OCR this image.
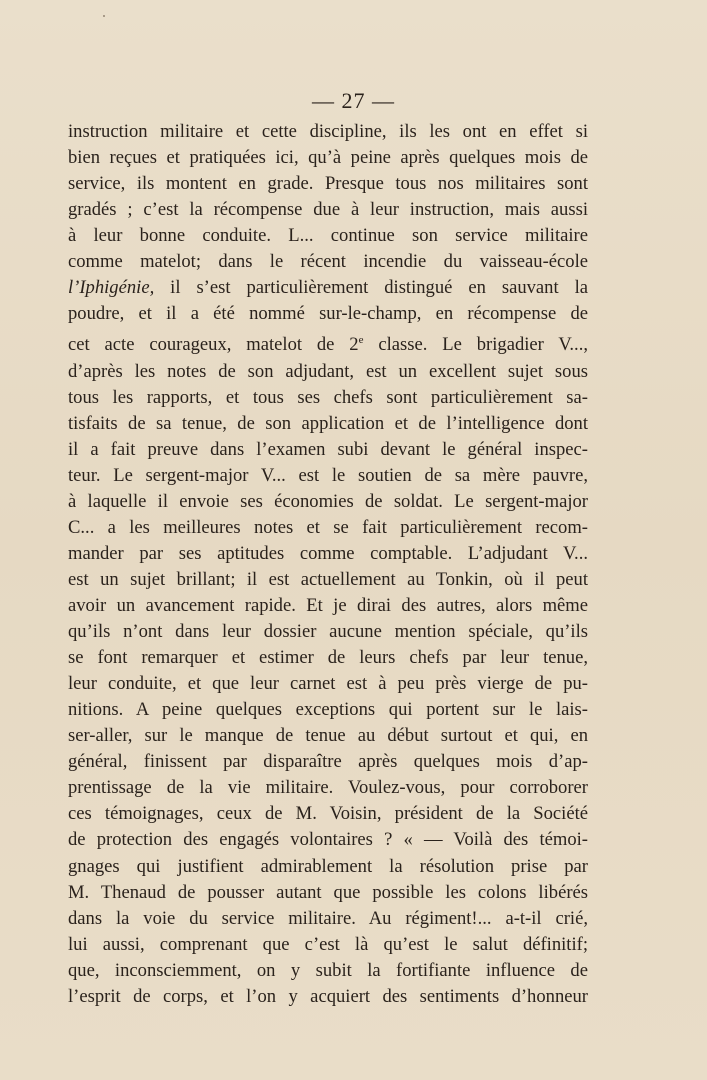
— 27 —
instruction militaire et cette discipline, ils les ont en effet si
bien reçues et pratiquées ici, qu’à peine après quelques mois de
service, ils montent en grade. Presque tous nos militaires sont
gradés ; c’est la récompense due à leur instruction, mais aussi
à leur bonne conduite. L... continue son service militaire
comme matelot; dans le récent incendie du vaisseau-école
l’Iphigénie, il s’est particulièrement distingué en sauvant la
poudre, et il a été nommé sur-le-champ, en récompense de
cet acte courageux, matelot de 2e classe. Le brigadier V...,
d’après les notes de son adjudant, est un excellent sujet sous
tous les rapports, et tous ses chefs sont particulièrement sa-
tisfaits de sa tenue, de son application et de l’intelligence dont
il a fait preuve dans l’examen subi devant le général inspec-
teur. Le sergent-major V... est le soutien de sa mère pauvre,
à laquelle il envoie ses économies de soldat. Le sergent-major
C... a les meilleures notes et se fait particulièrement recom-
mander par ses aptitudes comme comptable. L’adjudant V...
est un sujet brillant; il est actuellement au Tonkin, où il peut
avoir un avancement rapide. Et je dirai des autres, alors même
qu’ils n’ont dans leur dossier aucune mention spéciale, qu’ils
se font remarquer et estimer de leurs chefs par leur tenue,
leur conduite, et que leur carnet est à peu près vierge de pu-
nitions. A peine quelques exceptions qui portent sur le lais-
ser-aller, sur le manque de tenue au début surtout et qui, en
général, finissent par disparaître après quelques mois d’ap-
prentissage de la vie militaire. Voulez-vous, pour corroborer
ces témoignages, ceux de M. Voisin, président de la Société
de protection des engagés volontaires ? « — Voilà des témoi-
gnages qui justifient admirablement la résolution prise par
M. Thenaud de pousser autant que possible les colons libérés
dans la voie du service militaire. Au régiment!... a-t-il crié,
lui aussi, comprenant que c’est là qu’est le salut définitif;
que, inconsciemment, on y subit la fortifiante influence de
l’esprit de corps, et l’on y acquiert des sentiments d’honneur
